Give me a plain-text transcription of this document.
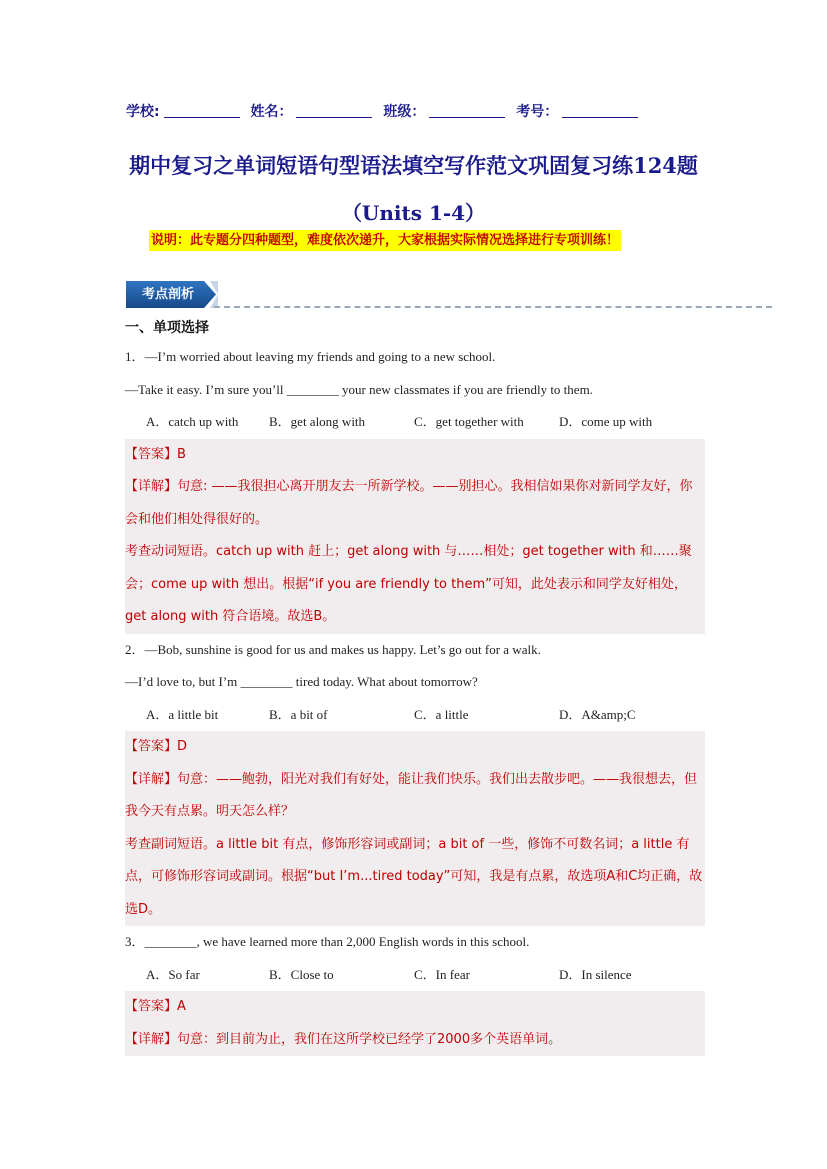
学校:	姓名：	班级：	考号：
期中复习之单词短语句型语法填空写作范文巩固复习练124题
（Units 1-4）
说明：此专题分四种题型，难度依次递升，大家根据实际情况选择进行专项训练！
考点剖析
一、单项选择
1．—I’m worried about leaving my friends and going to a new school.
—Take it easy. I’m sure you’ll ________ your new classmates if you are friendly to them.
A．catch up with	B．get along with	C．get together with	D．come up with
【答案】B
【详解】句意: ——我很担心离开朋友去一所新学校。——别担心。我相信如果你对新同学友好，你会和他们相处得很好的。
考查动词短语。catch up with 赶上；get along with 与……相处；get together with 和……聚会；come up with 想出。根据“if you are friendly to them”可知，此处表示和同学友好相处，get along with 符合语境。故选B。
2．—Bob, sunshine is good for us and makes us happy. Let’s go out for a walk.
—I’d love to, but I’m ________ tired today. What about tomorrow?
A．a little bit	B．a bit of	C．a little	D．A&amp;C
【答案】D
【详解】句意：——鲍勃，阳光对我们有好处，能让我们快乐。我们出去散步吧。——我很想去，但我今天有点累。明天怎么样？
考查副词短语。a little bit 有点，修饰形容词或副词；a bit of 一些，修饰不可数名词；a little 有点，可修饰形容词或副词。根据“but I’m...tired today”可知，我是有点累，故选项A和C均正确，故选D。
3．________, we have learned more than 2,000 English words in this school.
A．So far	B．Close to	C．In fear	D．In silence
【答案】A
【详解】句意：到目前为止，我们在这所学校已经学了2000多个英语单词。
